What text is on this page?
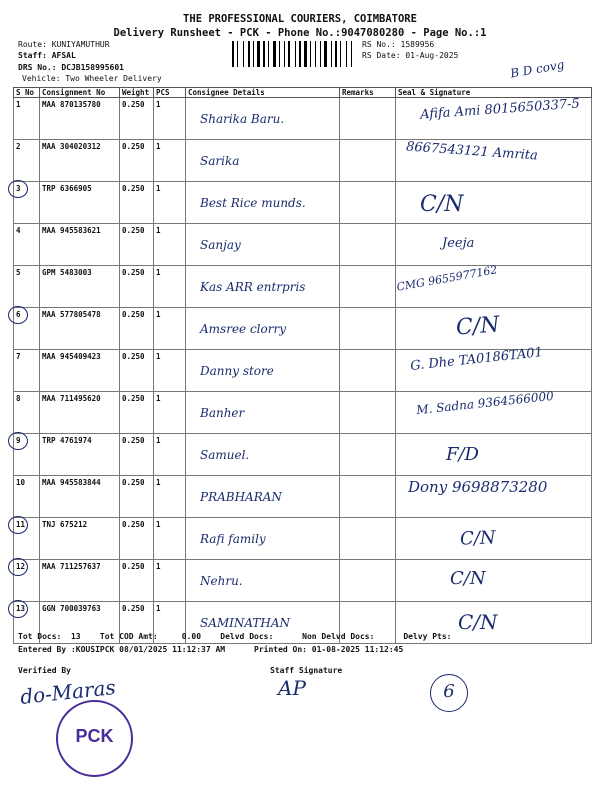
THE PROFESSIONAL COURIERS, COIMBATORE
Delivery Runsheet - PCK - Phone No.:9047080280 - Page No.:1
Route: KUNIYAMUTHUR
Staff: AFSAL
DRS No.: DCJB158995601
Vehicle: Two Wheeler Delivery
RS No.: 1589956
RS Date: 01-Aug-2025
B D covg
S No	Consignment No	Weight	PCS	Consignee Details	Remarks	Seal & Signature
1	MAA 870135780	0.250	1	Sharika Baru.		Afifa Ami 8015650337-5

2	MAA 304020312	0.250	1	Sarika		8667543121 Amrita

3	TRP 6366905	0.250	1	Best Rice munds.		C/N

4	MAA 945583621	0.250	1	Sanjay		Jeeja

5	GPM 5483003	0.250	1	Kas ARR entrpris		CMG 9655977162

6	MAA 577805478	0.250	1	Amsree clorry		C/N

7	MAA 945409423	0.250	1	Danny store		G. Dhe TA0186TA01

8	MAA 711495620	0.250	1	Banher		M. Sadna 9364566000

9	TRP 4761974	0.250	1	Samuel.		F/D

10	MAA 945583844	0.250	1	PRABHARAN		Dony 9698873280

11	TNJ 675212	0.250	1	Rafi family		C/N

12	MAA 711257637	0.250	1	Nehru.		C/N

13	GGN 700039763	0.250	1	SAMINATHAN		C/N
Tot Docs:  13    Tot COD Amt:     0.00    Delvd Docs:      Non Delvd Docs:      Delvy Pts:
Entered By :KOUSIPCK 08/01/2025 11:12:37 AM      Printed On: 01-08-2025 11:12:45
Verified By	Staff Signature
do-Maras	AP
PCK
6
